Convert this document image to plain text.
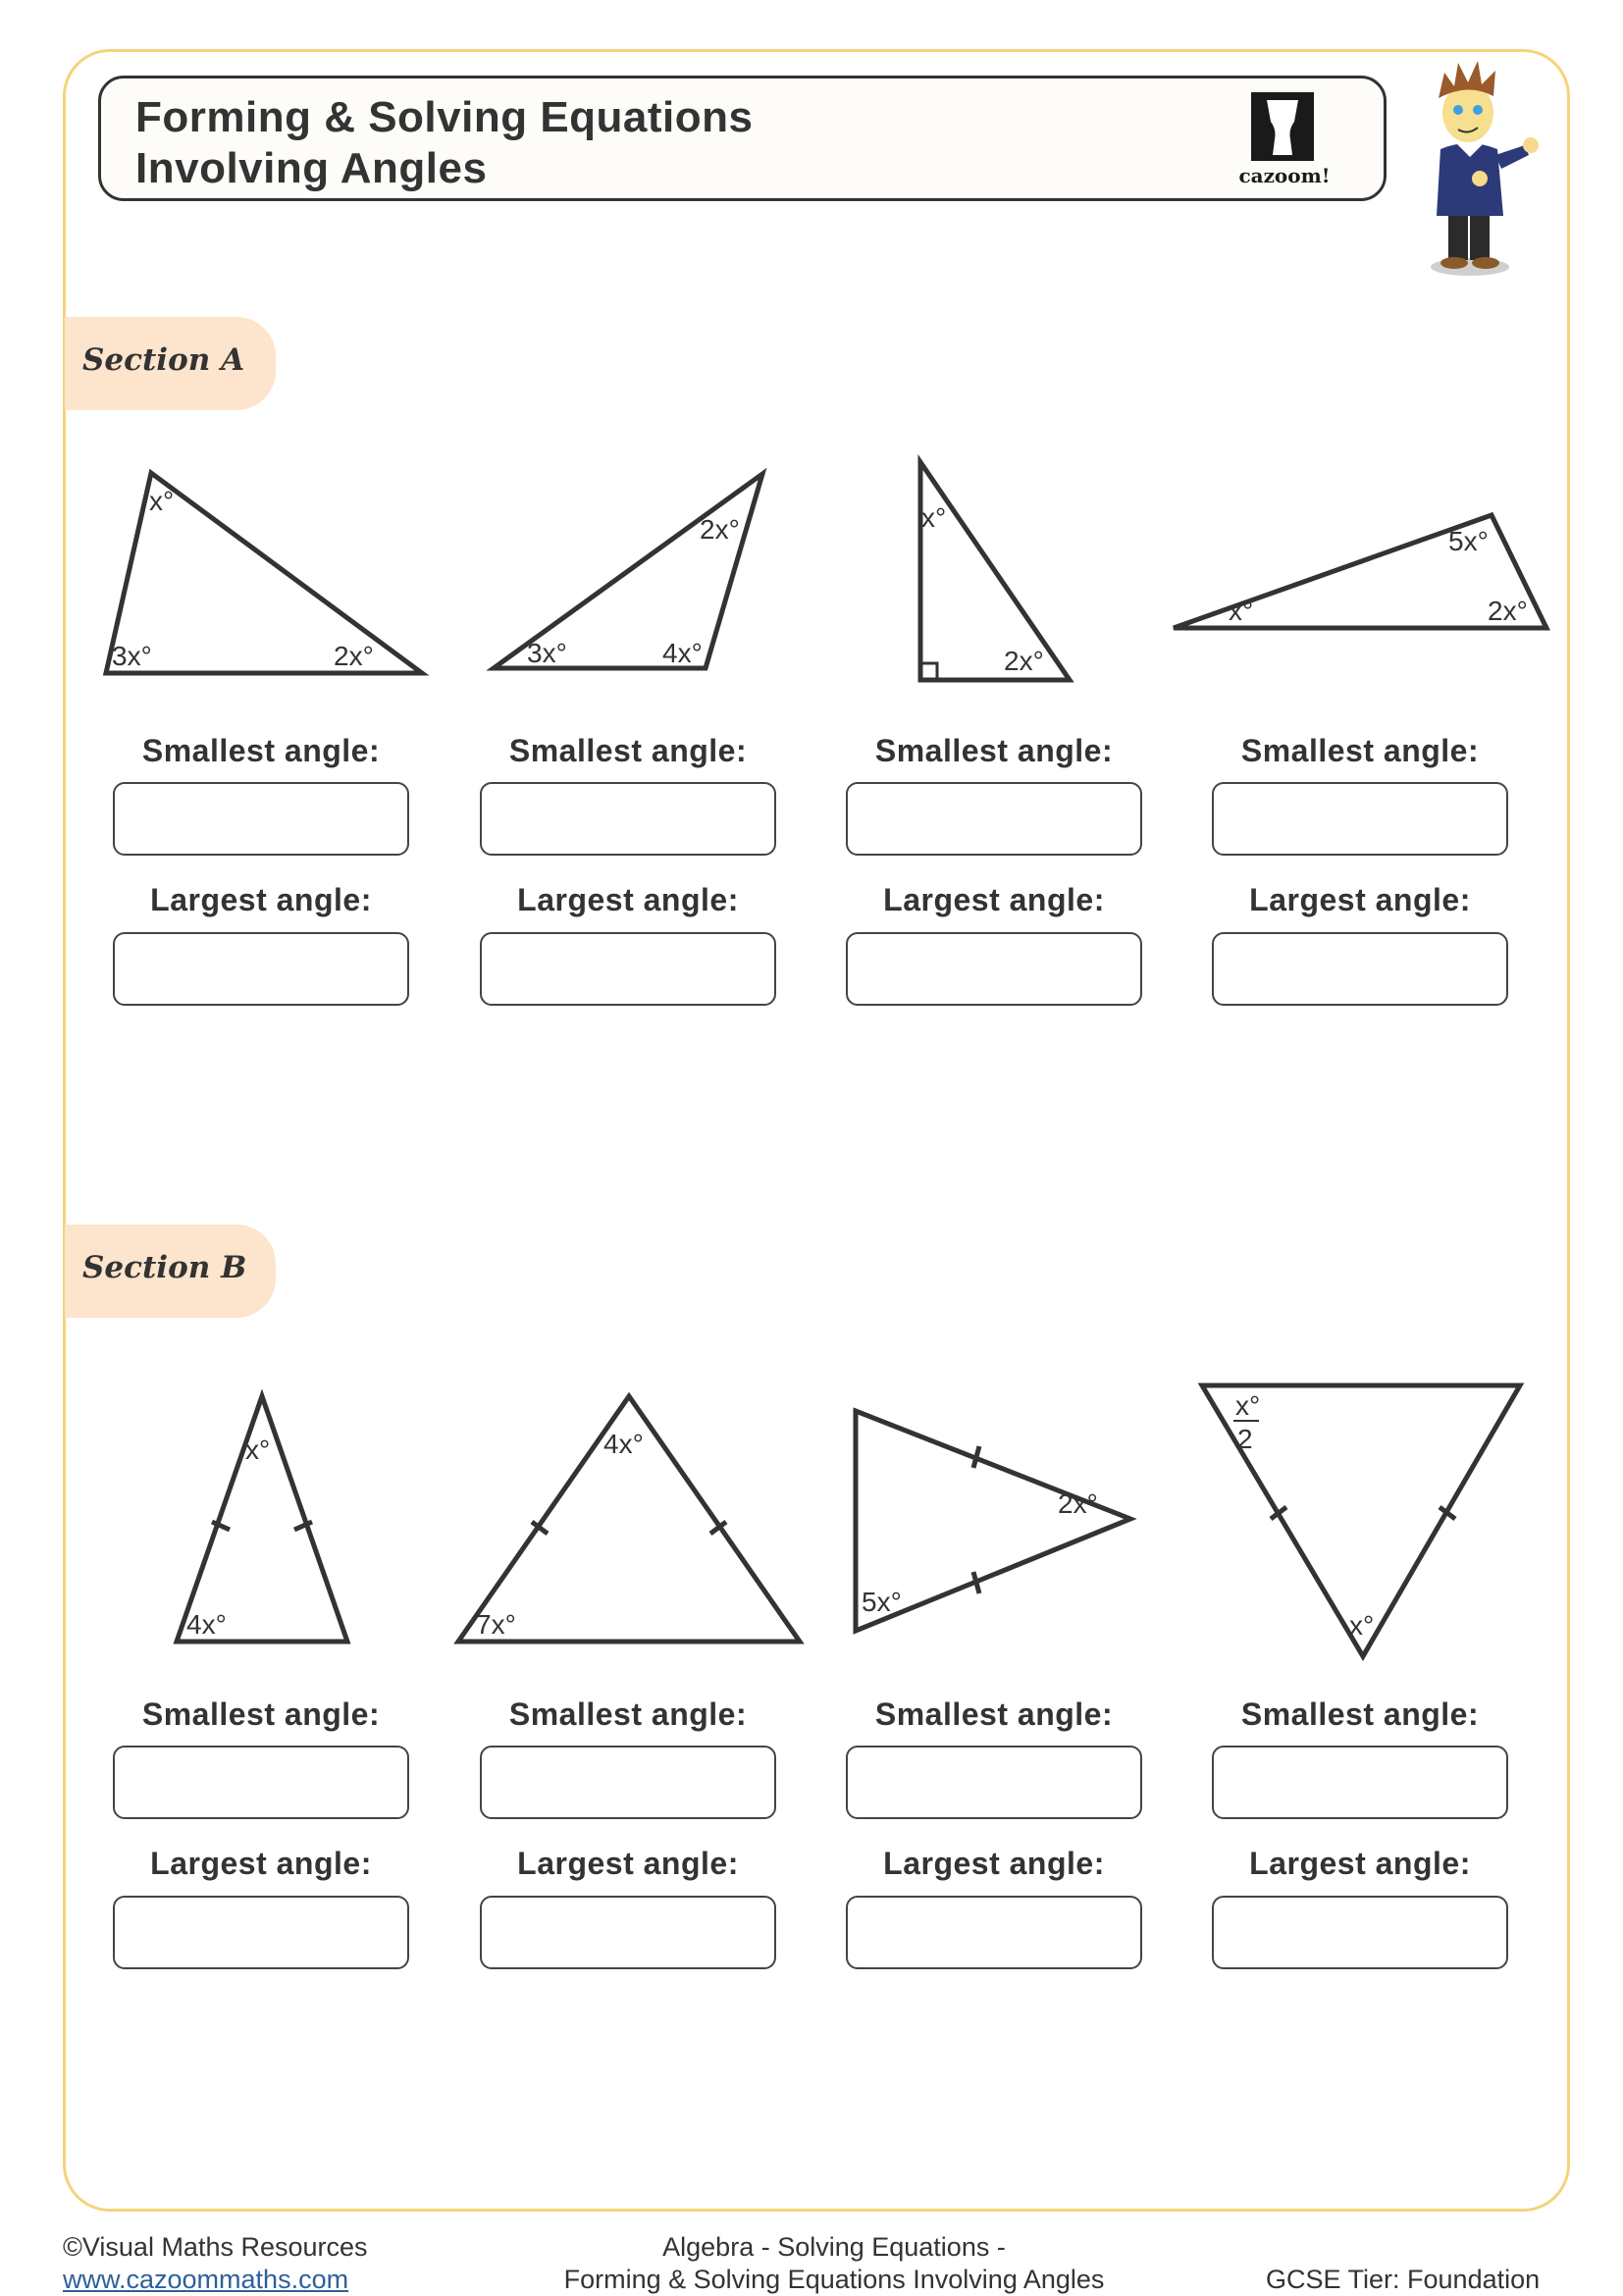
Forming & Solving Equations
Involving Angles	cazoom!
Section A
x°
3x°	2x°
2x°
3x°	4x°
x°
2x°
5x°
x°	2x°
Smallest angle:	Smallest angle:	Smallest angle:	Smallest angle:
Largest angle:	Largest angle:	Largest angle:	Largest angle:
Section B
x°
4x°
4x°
7x°
2x°
5x°
x°
2
x°
Smallest angle:	Smallest angle:	Smallest angle:	Smallest angle:
Largest angle:	Largest angle:	Largest angle:	Largest angle:
©Visual Maths Resources
www.cazoommaths.com
Algebra - Solving Equations -
Forming & Solving Equations Involving Angles	GCSE Tier: Foundation
